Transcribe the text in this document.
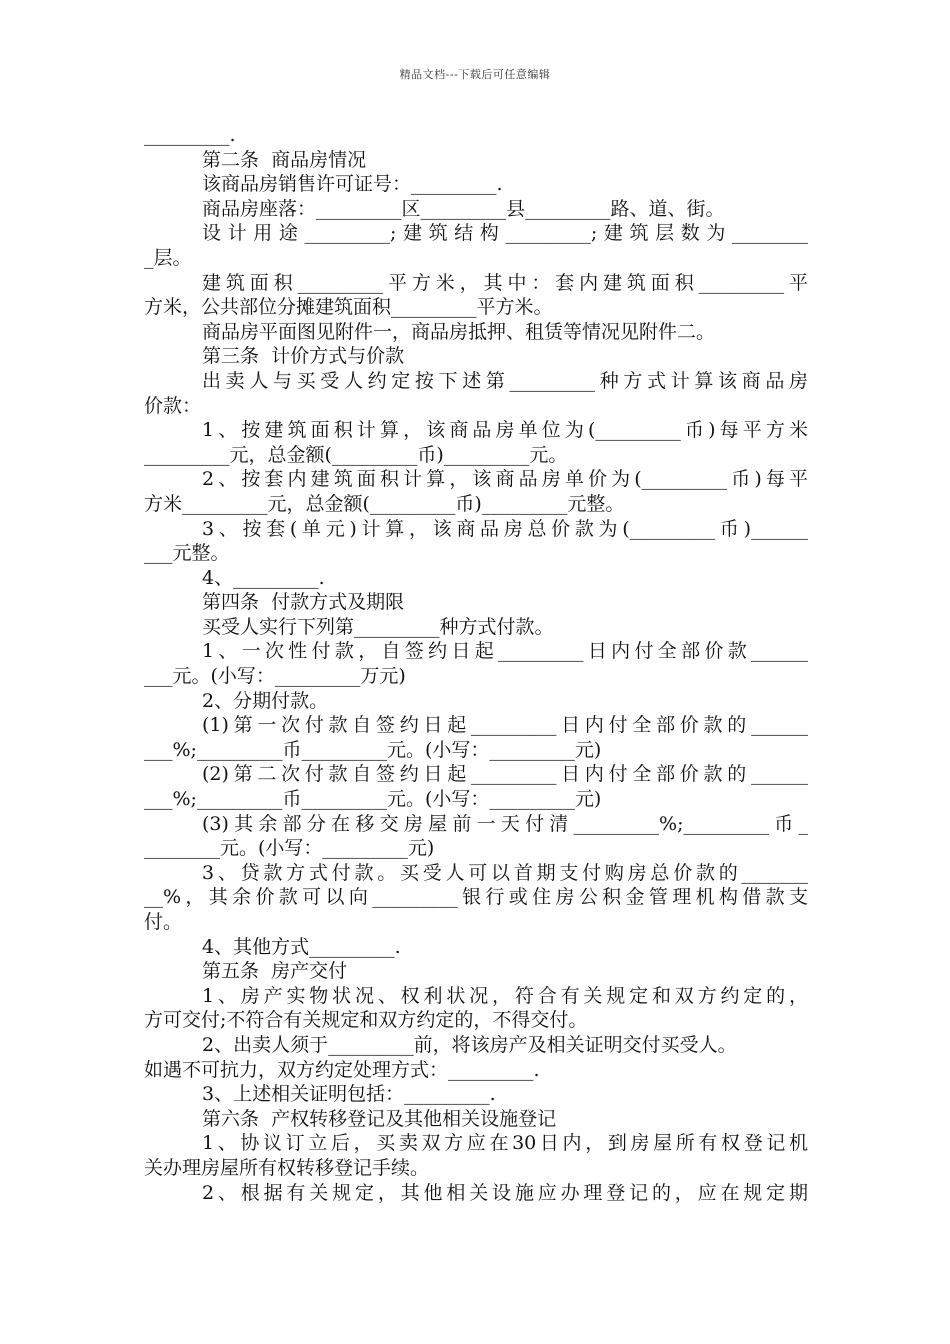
精品文档---下载后可任意编辑
_________.
第二条  商品房情况
该商品房销售许可证号：_________.
商品房座落：_________区_________县_________路、道、街。
设计用途_________;建筑结构_________;建筑层数为________
_层。
建筑面积_________平方米，其中：套内建筑面积_________平
方米，公共部位分摊建筑面积_________平方米。
商品房平面图见附件一，商品房抵押、租赁等情况见附件二。
第三条  计价方式与价款
出卖人与买受人约定按下述第_________种方式计算该商品房
价款：
1、按建筑面积计算，该商品房单位为(_________币)每平方米
_________元，总金额(_________币)_________元。
2、按套内建筑面积计算，该商品房单价为(_________币)每平
方米_________元，总金额(_________币)_________元整。
3、按套(单元)计算，该商品房总价款为(_________币)______
___元整。
4、_________.
第四条  付款方式及期限
买受人实行下列第_________种方式付款。
1、一次性付款，自签约日起_________日内付全部价款______
___元。(小写：_________万元)
2、分期付款。
(1)第一次付款自签约日起_________日内付全部价款的______
___%;_________币_________元。(小写：_________元)
(2)第二次付款自签约日起_________日内付全部价款的______
___%;_________币_________元。(小写：_________元)
(3)其余部分在移交房屋前一天付清_________%;_________币_
________元。(小写：_________元)
3、贷款方式付款。买受人可以首期支付购房总价款的_______
__%，其余价款可以向_________银行或住房公积金管理机构借款支
付。
4、其他方式_________.
第五条  房产交付
1、房产实物状况、权利状况，符合有关规定和双方约定的，
方可交付;不符合有关规定和双方约定的，不得交付。
2、出卖人须于_________前，将该房产及相关证明交付买受人。
如遇不可抗力，双方约定处理方式：_________.
3、上述相关证明包括：_________.
第六条  产权转移登记及其他相关设施登记
1、协议订立后，买卖双方应在30日内，到房屋所有权登记机
关办理房屋所有权转移登记手续。
2、根据有关规定，其他相关设施应办理登记的，应在规定期
